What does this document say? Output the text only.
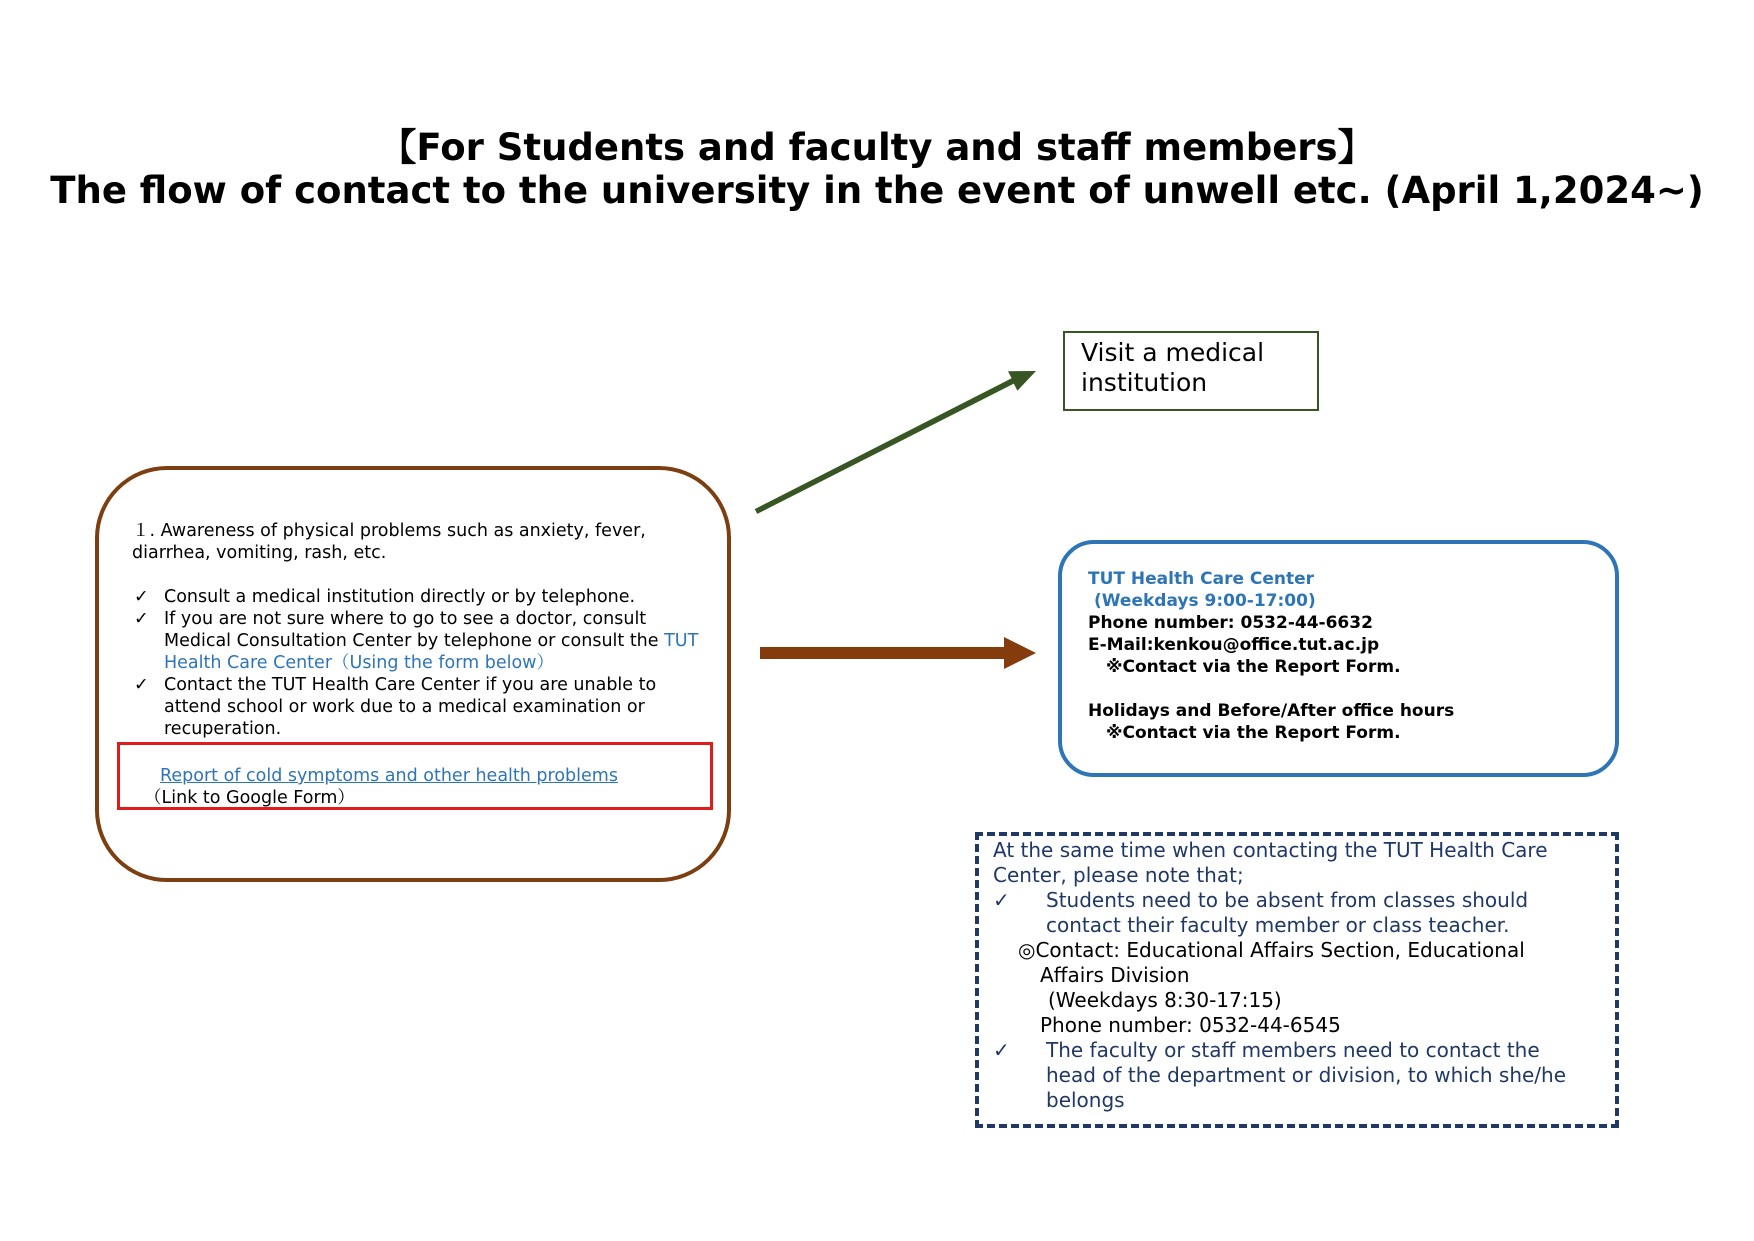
【For Students and faculty and staff members】
The flow of contact to the university in the event of unwell etc. (April 1,2024~)
１. Awareness of physical problems such as anxiety, fever, diarrhea, vomiting, rash, etc.
✓ Consult a medical institution directly or by telephone.
✓ If you are not sure where to go to see a doctor, consult Medical Consultation Center by telephone or consult the TUT Health Care Center（Using the form below）
✓ Contact the TUT Health Care Center if you are unable to attend school or work due to a medical examination or recuperation.
Report of cold symptoms and other health problems
（Link to Google Form）
Visit a medical institution
TUT Health Care Center
(Weekdays 9:00-17:00)
Phone number: 0532-44-6632
E-Mail:kenkou@office.tut.ac.jp
※Contact via the Report Form.
Holidays and Before/After office hours
※Contact via the Report Form.
At the same time when contacting the TUT Health Care
Center, please note that;
✓ Students need to be absent from classes should
contact their faculty member or class teacher.
◎Contact: Educational Affairs Section, Educational
Affairs Division
(Weekdays 8:30-17:15)
Phone number: 0532-44-6545
✓ The faculty or staff members need to contact the
head of the department or division, to which she/he
belongs
